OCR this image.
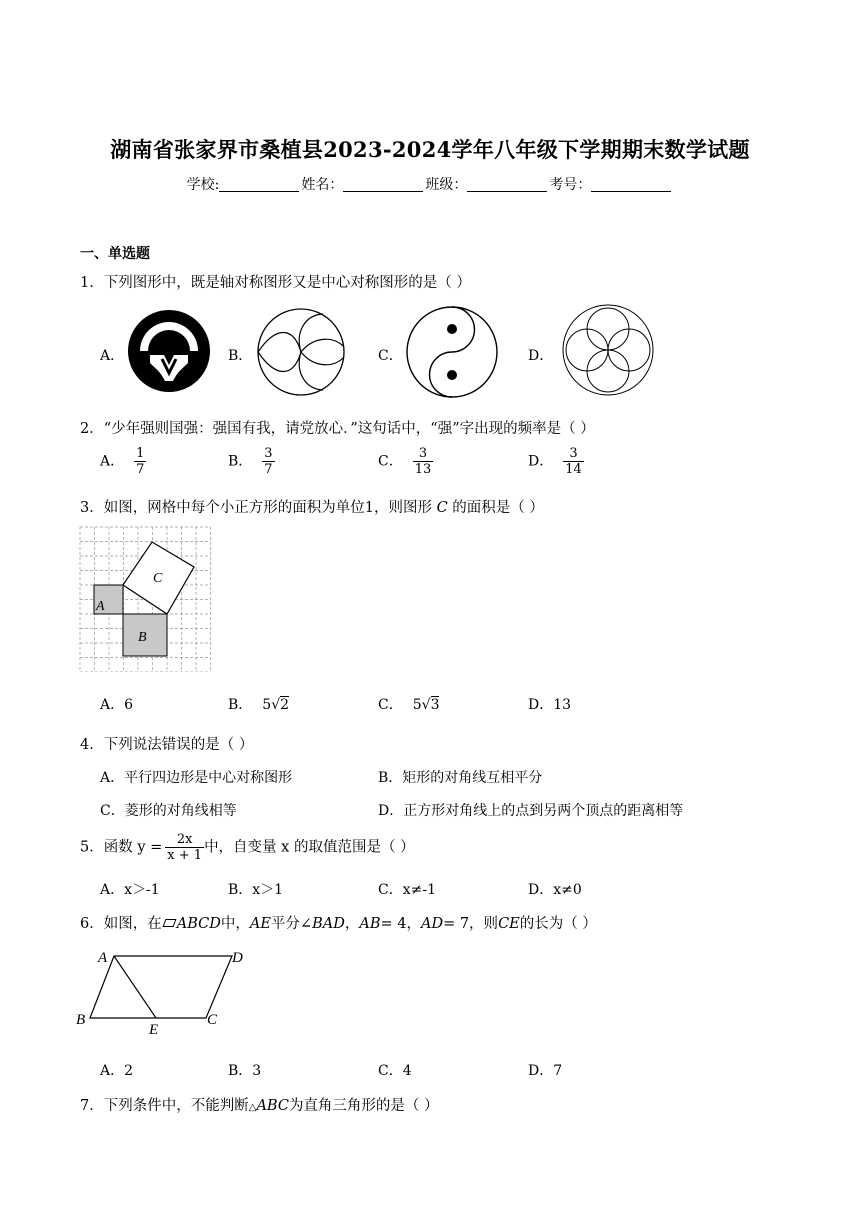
湖南省张家界市桑植县2023-2024学年八年级下学期期末数学试题
学校:	姓名：	班级：	考号：
一、单选题
1．下列图形中，既是轴对称图形又是中心对称图形的是（ ）
A．	B．	C．	D．
2．“少年强则国强：强国有我，请党放心．”这句话中，“强”字出现的频率是（ ）
A． $\frac{1}{7}$	B． $\frac{3}{7}$	C． $\frac{3}{13}$	D． $\frac{3}{14}$
3．如图，网格中每个小正方形的面积为单位1，则图形 C 的面积是（ ）
A
B
C
A．6	B． 5√2	C． 5√3	D．13
4．下列说法错误的是（ ）
A．平行四边形是中心对称图形	B．矩形的对角线互相平分
C．菱形的对角线相等	D．正方形对角线上的点到另两个顶点的距离相等
5．函数 $y = \frac{2x}{x + 1}$ 中，自变量 x 的取值范围是（ ）
A．x＞-1	B．x＞1	C．x≠-1	D．x≠0
6．如图，在 ABCD中，AE平分∠BAD，AB= 4，AD= 7，则CE的长为（ ）
A	D
B	C
E
A．2	B．3	C．4	D．7
7．下列条件中，不能判断△ABC为直角三角形的是（ ）
